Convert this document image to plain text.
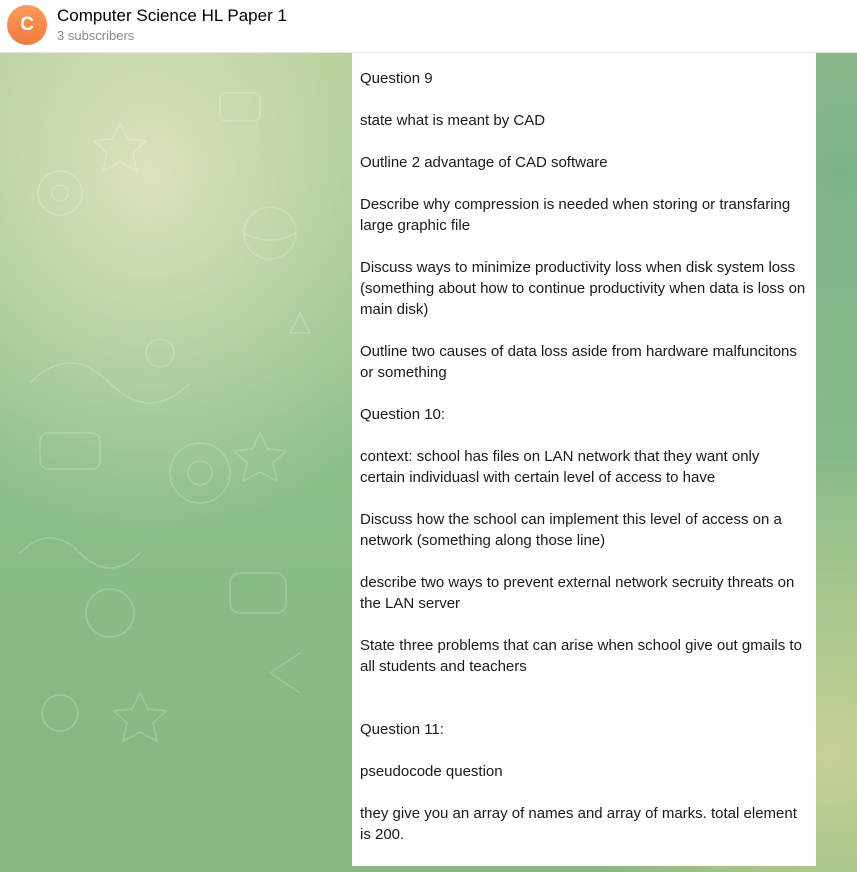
C Computer Science HL Paper 1
3 subscribers

Question 9

state what is meant by CAD

Outline 2 advantage of CAD software

Describe why compression is needed when storing or transfaring large graphic file

Discuss ways to minimize productivity loss when disk system loss (something about how to continue productivity when data is loss on main disk)

Outline two causes of data loss aside from hardware malfuncitons or something

Question 10:

context: school has files on LAN network that they want only certain individuasl with certain level of access to have

Discuss how the school can implement this level of access on a network (something along those line)

describe two ways to prevent external network secruity threats on the LAN server

State three problems that can arise when school give out gmails to all students and teachers

Question 11:

pseudocode question

they give you an array of names and array of marks. total element is 200.
